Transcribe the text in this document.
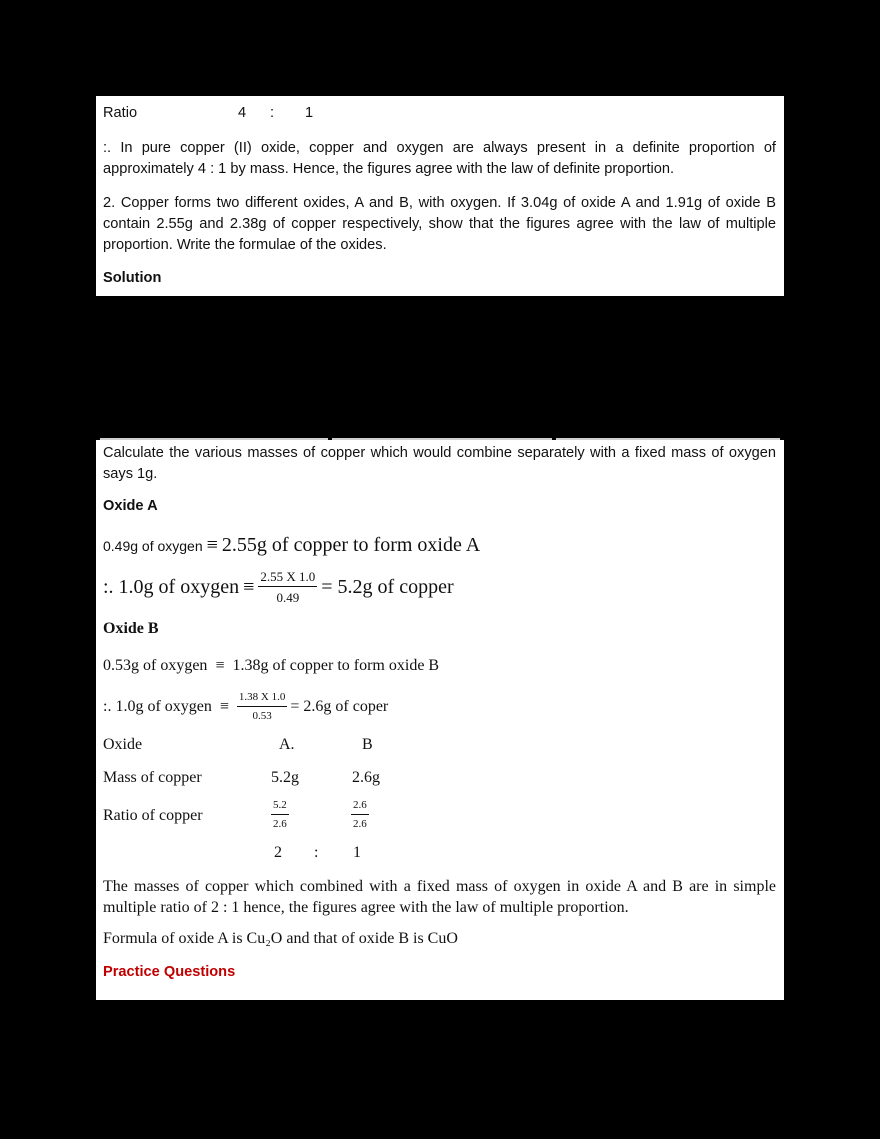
Ratio	4 : 1
:. In pure copper (II) oxide, copper and oxygen are always present in a definite proportion of approximately 4 : 1 by mass. Hence, the figures agree with the law of definite proportion.
2. Copper forms two different oxides, A and B, with oxygen. If 3.04g of oxide A and 1.91g of oxide B contain 2.55g and 2.38g of copper respectively, show that the figures agree with the law of multiple proportion. Write the formulae of the oxides.
Solution
Calculate the various masses of copper which would combine separately with a fixed mass of oxygen says 1g.
Oxide A
0.49g of oxygen ≡ 2.55g of copper to form oxide A
:. 1.0g of oxygen ≡ $\frac{2.55 X 1.0}{0.49} = 5.2g$ of copper
Oxide B
0.53g of oxygen ≡ 1.38g of copper to form oxide B
:. 1.0g of oxygen ≡ $\frac{1.38 X 1.0}{0.53} = 2.6g$ of coper
Oxide	A.	B
Mass of copper	5.2g	2.6g
Ratio of copper	$\frac{5.2}{2.6}$	$\frac{2.6}{2.6}$
2 : 1
The masses of copper which combined with a fixed mass of oxygen in oxide A and B are in simple multiple ratio of 2 : 1 hence, the figures agree with the law of multiple proportion.
Formula of oxide A is Cu₂O and that of oxide B is CuO
Practice Questions
